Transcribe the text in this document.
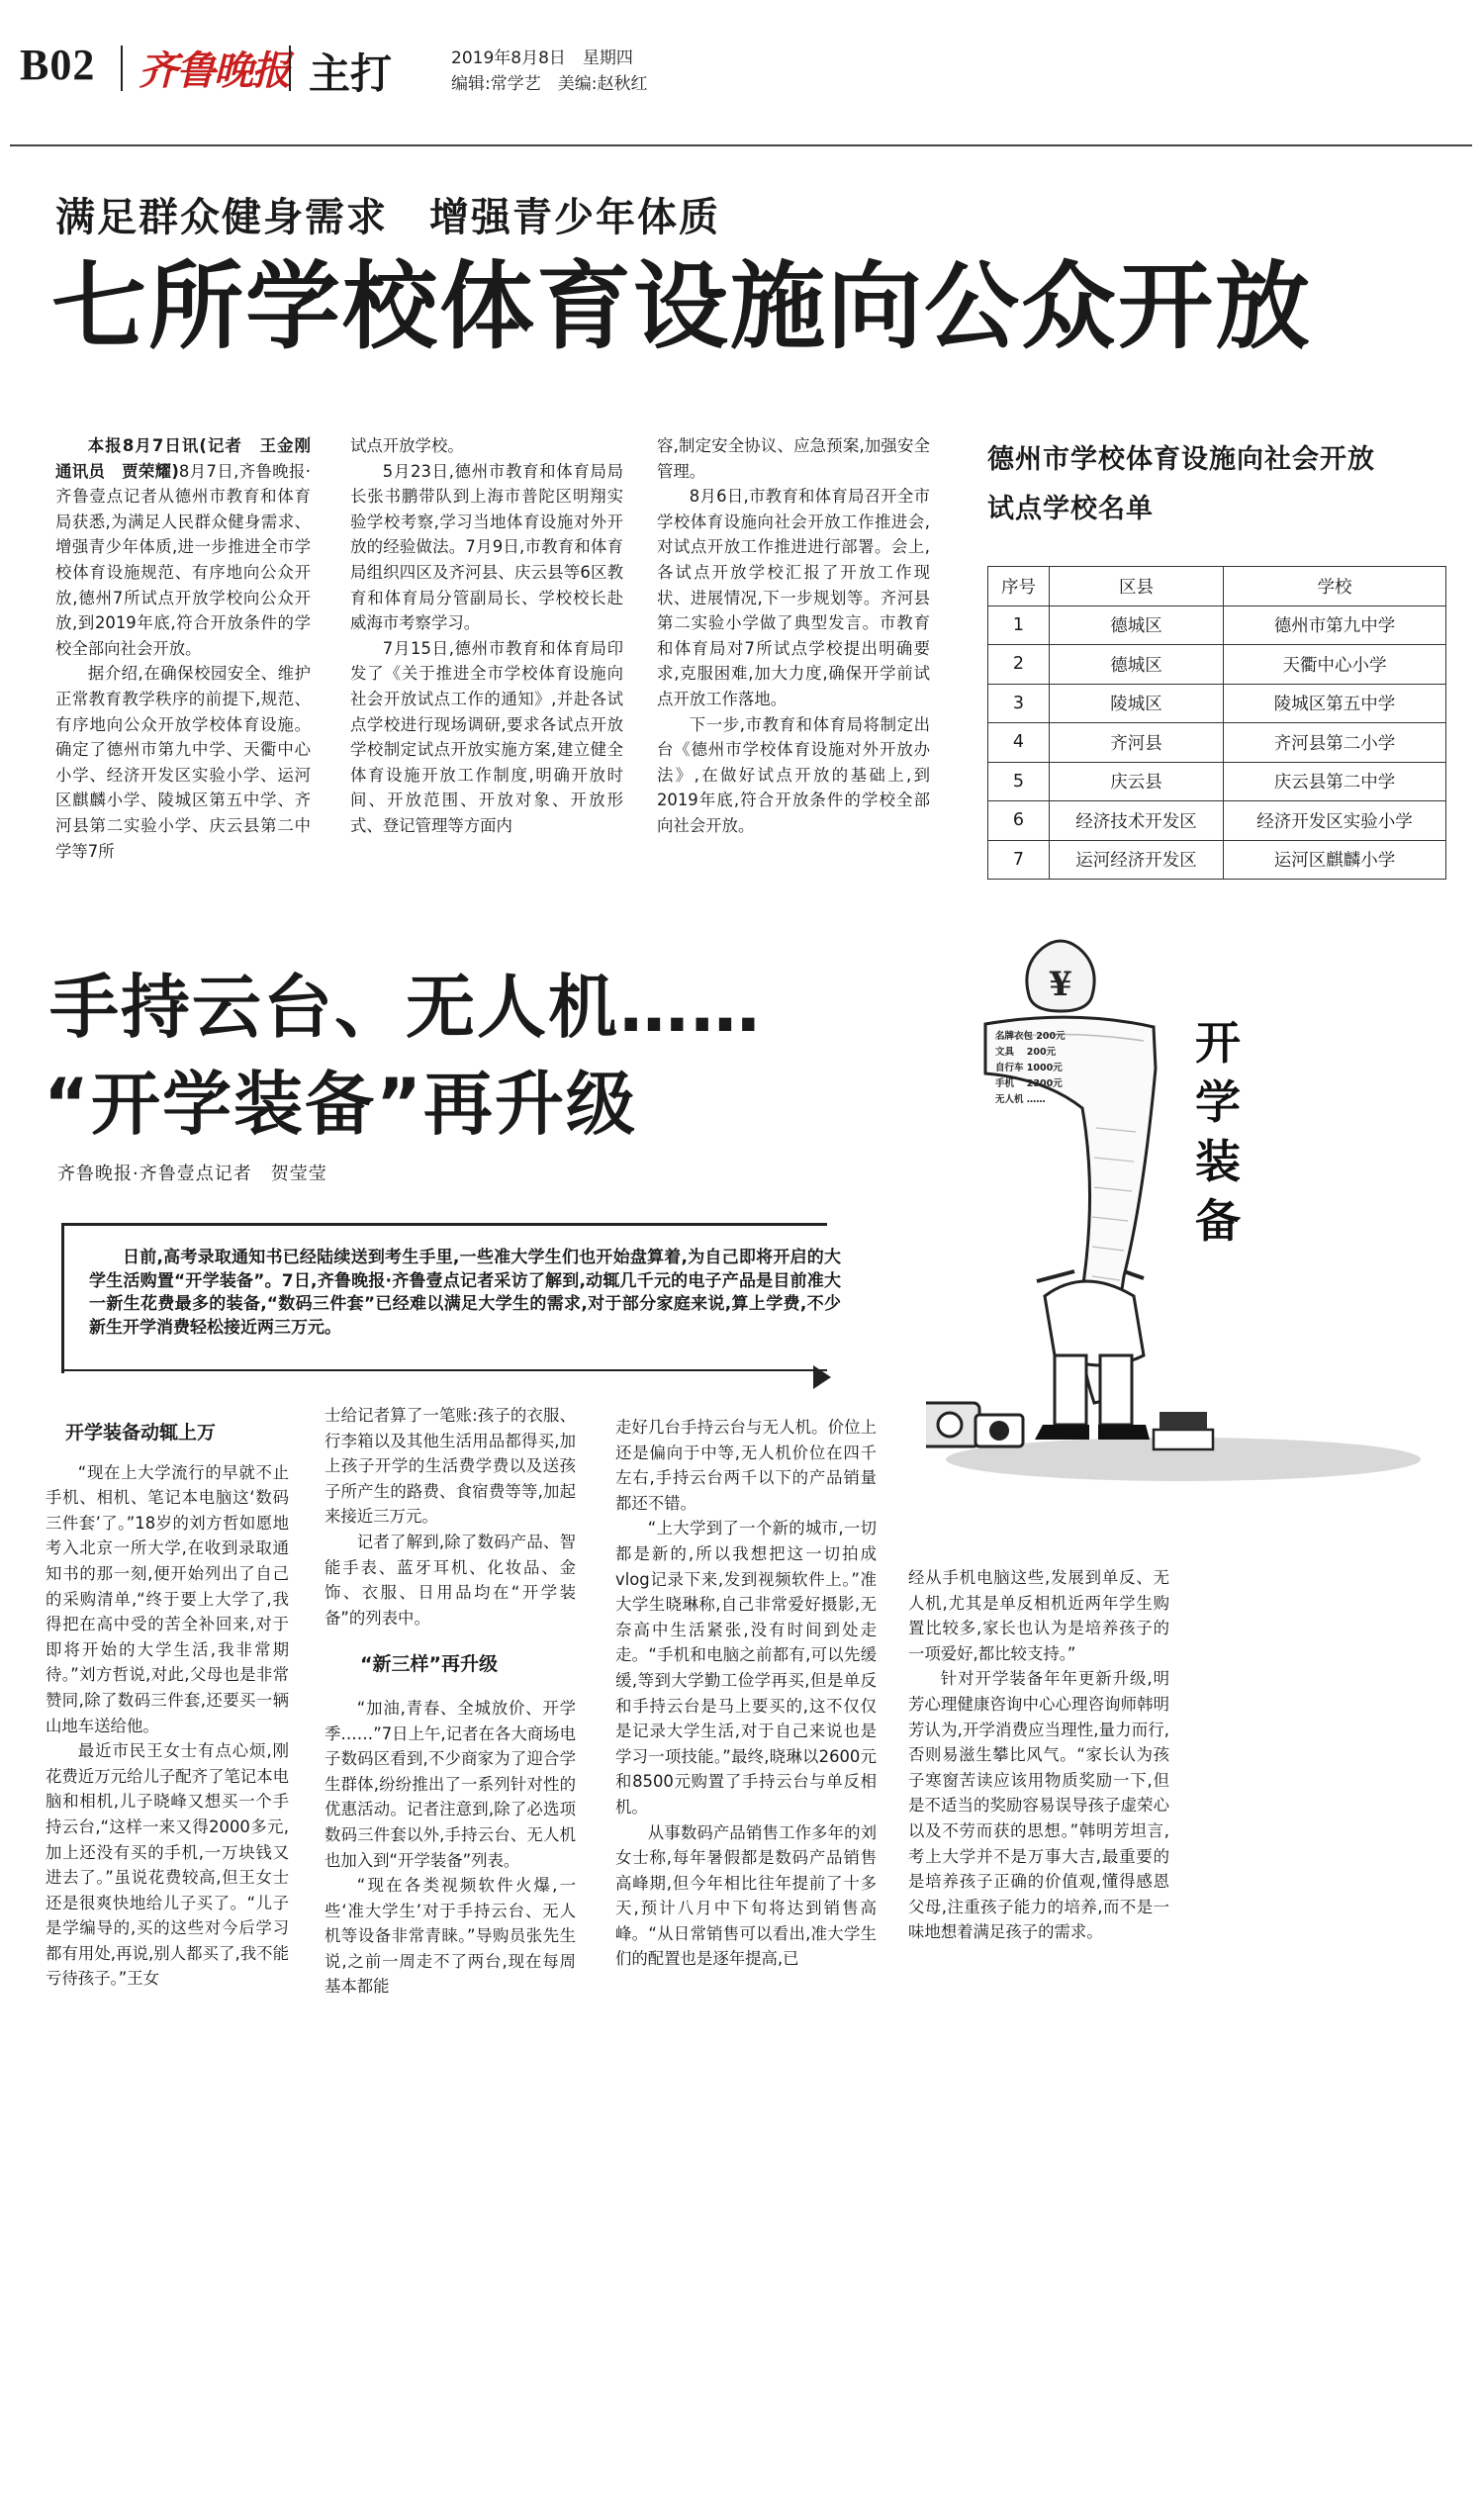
B02 齐鲁晚报 主打	2019年8月8日　星期四
编辑:常学艺　美编:赵秋红
满足群众健身需求　增强青少年体质
七所学校体育设施向公众开放

本报8月7日讯(记者　王金刚　通讯员　贾荣耀)8月7日,齐鲁晚报·齐鲁壹点记者从德州市教育和体育局获悉,为满足人民群众健身需求、增强青少年体质,进一步推进全市学校体育设施规范、有序地向公众开放,德州7所试点开放学校向公众开放,到2019年底,符合开放条件的学校全部向社会开放。

据介绍,在确保校园安全、维护正常教育教学秩序的前提下,规范、有序地向公众开放学校体育设施。确定了德州市第九中学、天衢中心小学、经济开发区实验小学、运河区麒麟小学、陵城区第五中学、齐河县第二实验小学、庆云县第二中学等7所

试点开放学校。

5月23日,德州市教育和体育局局长张书鹏带队到上海市普陀区明翔实验学校考察,学习当地体育设施对外开放的经验做法。7月9日,市教育和体育局组织四区及齐河县、庆云县等6区教育和体育局分管副局长、学校校长赴威海市考察学习。

7月15日,德州市教育和体育局印发了《关于推进全市学校体育设施向社会开放试点工作的通知》,并赴各试点学校进行现场调研,要求各试点开放学校制定试点开放实施方案,建立健全体育设施开放工作制度,明确开放时间、开放范围、开放对象、开放形式、登记管理等方面内

容,制定安全协议、应急预案,加强安全管理。

8月6日,市教育和体育局召开全市学校体育设施向社会开放工作推进会,对试点开放工作推进进行部署。会上,各试点开放学校汇报了开放工作现状、进展情况,下一步规划等。齐河县第二实验小学做了典型发言。市教育和体育局对7所试点学校提出明确要求,克服困难,加大力度,确保开学前试点开放工作落地。

下一步,市教育和体育局将制定出台《德州市学校体育设施对外开放办法》,在做好试点开放的基础上,到2019年底,符合开放条件的学校全部向社会开放。

德州市学校体育设施向社会开放
试点学校名单
序号	区县	学校
1	德城区	德州市第九中学
2	德城区	天衢中心小学
3	陵城区	陵城区第五中学
4	齐河县	齐河县第二小学
5	庆云县	庆云县第二中学
6	经济技术开发区	经济开发区实验小学
7	运河经济开发区	运河区麒麟小学
手持云台、无人机……
“开学装备”再升级
齐鲁晚报·齐鲁壹点记者　贺莹莹
日前,高考录取通知书已经陆续送到考生手里,一些准大学生们也开始盘算着,为自己即将开启的大学生活购置“开学装备”。7日,齐鲁晚报·齐鲁壹点记者采访了解到,动辄几千元的电子产品是目前准大一新生花费最多的装备,“数码三件套”已经难以满足大学生的需求,对于部分家庭来说,算上学费,不少新生开学消费轻松接近两三万元。

开学装备动辄上万

“现在上大学流行的早就不止手机、相机、笔记本电脑这‘数码三件套’了。”18岁的刘方哲如愿地考入北京一所大学,在收到录取通知书的那一刻,便开始列出了自己的采购清单,“终于要上大学了,我得把在高中受的苦全补回来,对于即将开始的大学生活,我非常期待。”刘方哲说,对此,父母也是非常赞同,除了数码三件套,还要买一辆山地车送给他。

最近市民王女士有点心烦,刚花费近万元给儿子配齐了笔记本电脑和相机,儿子晓峰又想买一个手持云台,“这样一来又得2000多元,加上还没有买的手机,一万块钱又进去了。”虽说花费较高,但王女士还是很爽快地给儿子买了。“儿子是学编导的,买的这些对今后学习都有用处,再说,别人都买了,我不能亏待孩子。”王女

士给记者算了一笔账:孩子的衣服、行李箱以及其他生活用品都得买,加上孩子开学的生活费学费以及送孩子所产生的路费、食宿费等等,加起来接近三万元。

记者了解到,除了数码产品、智能手表、蓝牙耳机、化妆品、金饰、衣服、日用品均在“开学装备”的列表中。

“新三样”再升级

“加油,青春、全城放价、开学季……”7日上午,记者在各大商场电子数码区看到,不少商家为了迎合学生群体,纷纷推出了一系列针对性的优惠活动。记者注意到,除了必选项数码三件套以外,手持云台、无人机也加入到“开学装备”列表。

“现在各类视频软件火爆,一些‘准大学生’对于手持云台、无人机等设备非常青睐。”导购员张先生说,之前一周走不了两台,现在每周基本都能

走好几台手持云台与无人机。价位上还是偏向于中等,无人机价位在四千左右,手持云台两千以下的产品销量都还不错。

“上大学到了一个新的城市,一切都是新的,所以我想把这一切拍成vlog记录下来,发到视频软件上。”准大学生晓琳称,自己非常爱好摄影,无奈高中生活紧张,没有时间到处走走。“手机和电脑之前都有,可以先缓缓,等到大学勤工俭学再买,但是单反和手持云台是马上要买的,这不仅仅是记录大学生活,对于自己来说也是学习一项技能。”最终,晓琳以2600元和8500元购置了手持云台与单反相机。

从事数码产品销售工作多年的刘女士称,每年暑假都是数码产品销售高峰期,但今年相比往年提前了十多天,预计八月中下旬将达到销售高峰。“从日常销售可以看出,准大学生们的配置也是逐年提高,已

经从手机电脑这些,发展到单反、无人机,尤其是单反相机近两年学生购置比较多,家长也认为是培养孩子的一项爱好,都比较支持。”

针对开学装备年年更新升级,明芳心理健康咨询中心心理咨询师韩明芳认为,开学消费应当理性,量力而行,否则易滋生攀比风气。“家长认为孩子寒窗苦读应该用物质奖励一下,但是不适当的奖励容易误导孩子虚荣心以及不劳而获的思想。”韩明芳坦言,考上大学并不是万事大吉,最重要的是培养孩子正确的价值观,懂得感恩父母,注重孩子能力的培养,而不是一味地想着满足孩子的需求。

¥
名牌衣包 200元
文具　 200元
自行车 1000元
手机　 2300元
无人机 ……
开
学
装
备
